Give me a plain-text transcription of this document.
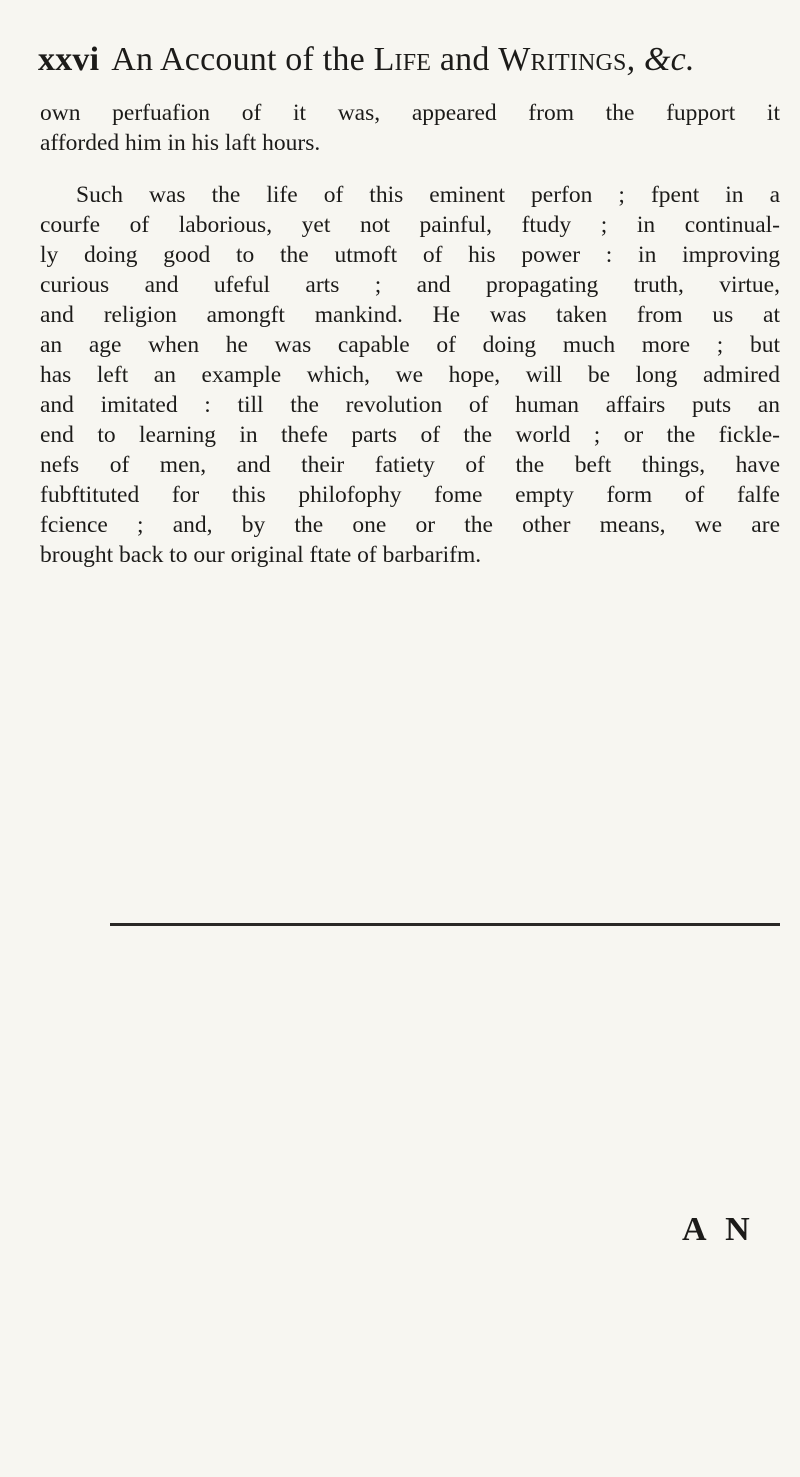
xxvi An Account of the Life and Writings, &c.
own perfuafion of it was, appeared from the fupport it
afforded him in his laft hours.
Such was the life of this eminent perfon ; fpent in a
courfe of laborious, yet not painful, ftudy ; in continual-
ly doing good to the utmoft of his power : in improving
curious and ufeful arts ; and propagating truth, virtue,
and religion amongft mankind. He was taken from us at
an age when he was capable of doing much more ; but
has left an example which, we hope, will be long admired
and imitated : till the revolution of human affairs puts an
end to learning in thefe parts of the world ; or the fickle-
nefs of men, and their fatiety of the beft things, have
fubftituted for this philofophy fome empty form of falfe
fcience ; and, by the one or the other means, we are
brought back to our original ftate of barbarifm.
A N
